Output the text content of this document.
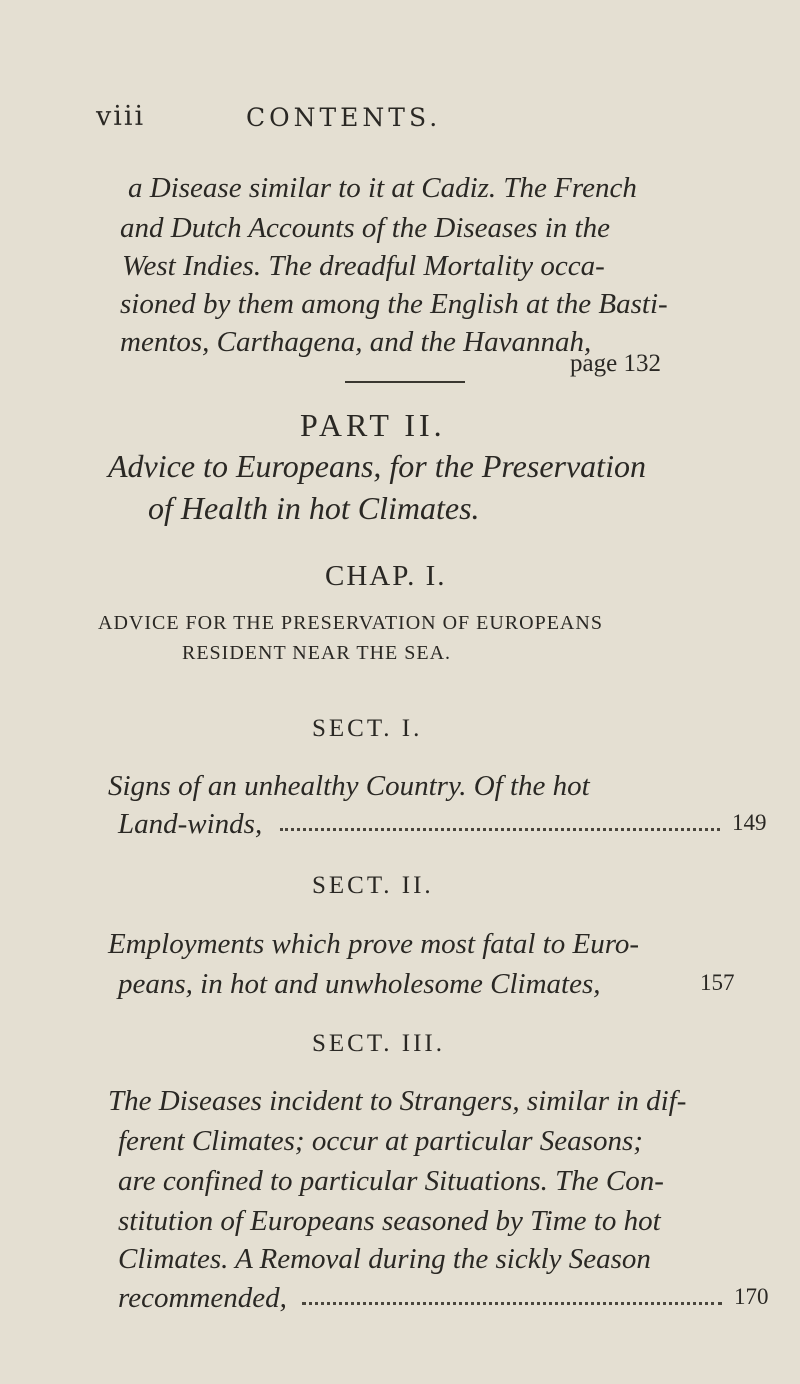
viii	CONTENTS.
a Disease similar to it at Cadiz. The French
and Dutch Accounts of the Diseases in the
West Indies. The dreadful Mortality occa-
sioned by them among the English at the Basti-
mentos, Carthagena, and the Havannah,
page 132
PART II.
Advice to Europeans, for the Preservation
of Health in hot Climates.
CHAP. I.
ADVICE FOR THE PRESERVATION OF EUROPEANS
RESIDENT NEAR THE SEA.
SECT. I.
Signs of an unhealthy Country. Of the hot
Land-winds,	149
SECT. II.
Employments which prove most fatal to Euro-
peans, in hot and unwholesome Climates,	157
SECT. III.
The Diseases incident to Strangers, similar in dif-
ferent Climates; occur at particular Seasons;
are confined to particular Situations. The Con-
stitution of Europeans seasoned by Time to hot
Climates. A Removal during the sickly Season
recommended,	170
